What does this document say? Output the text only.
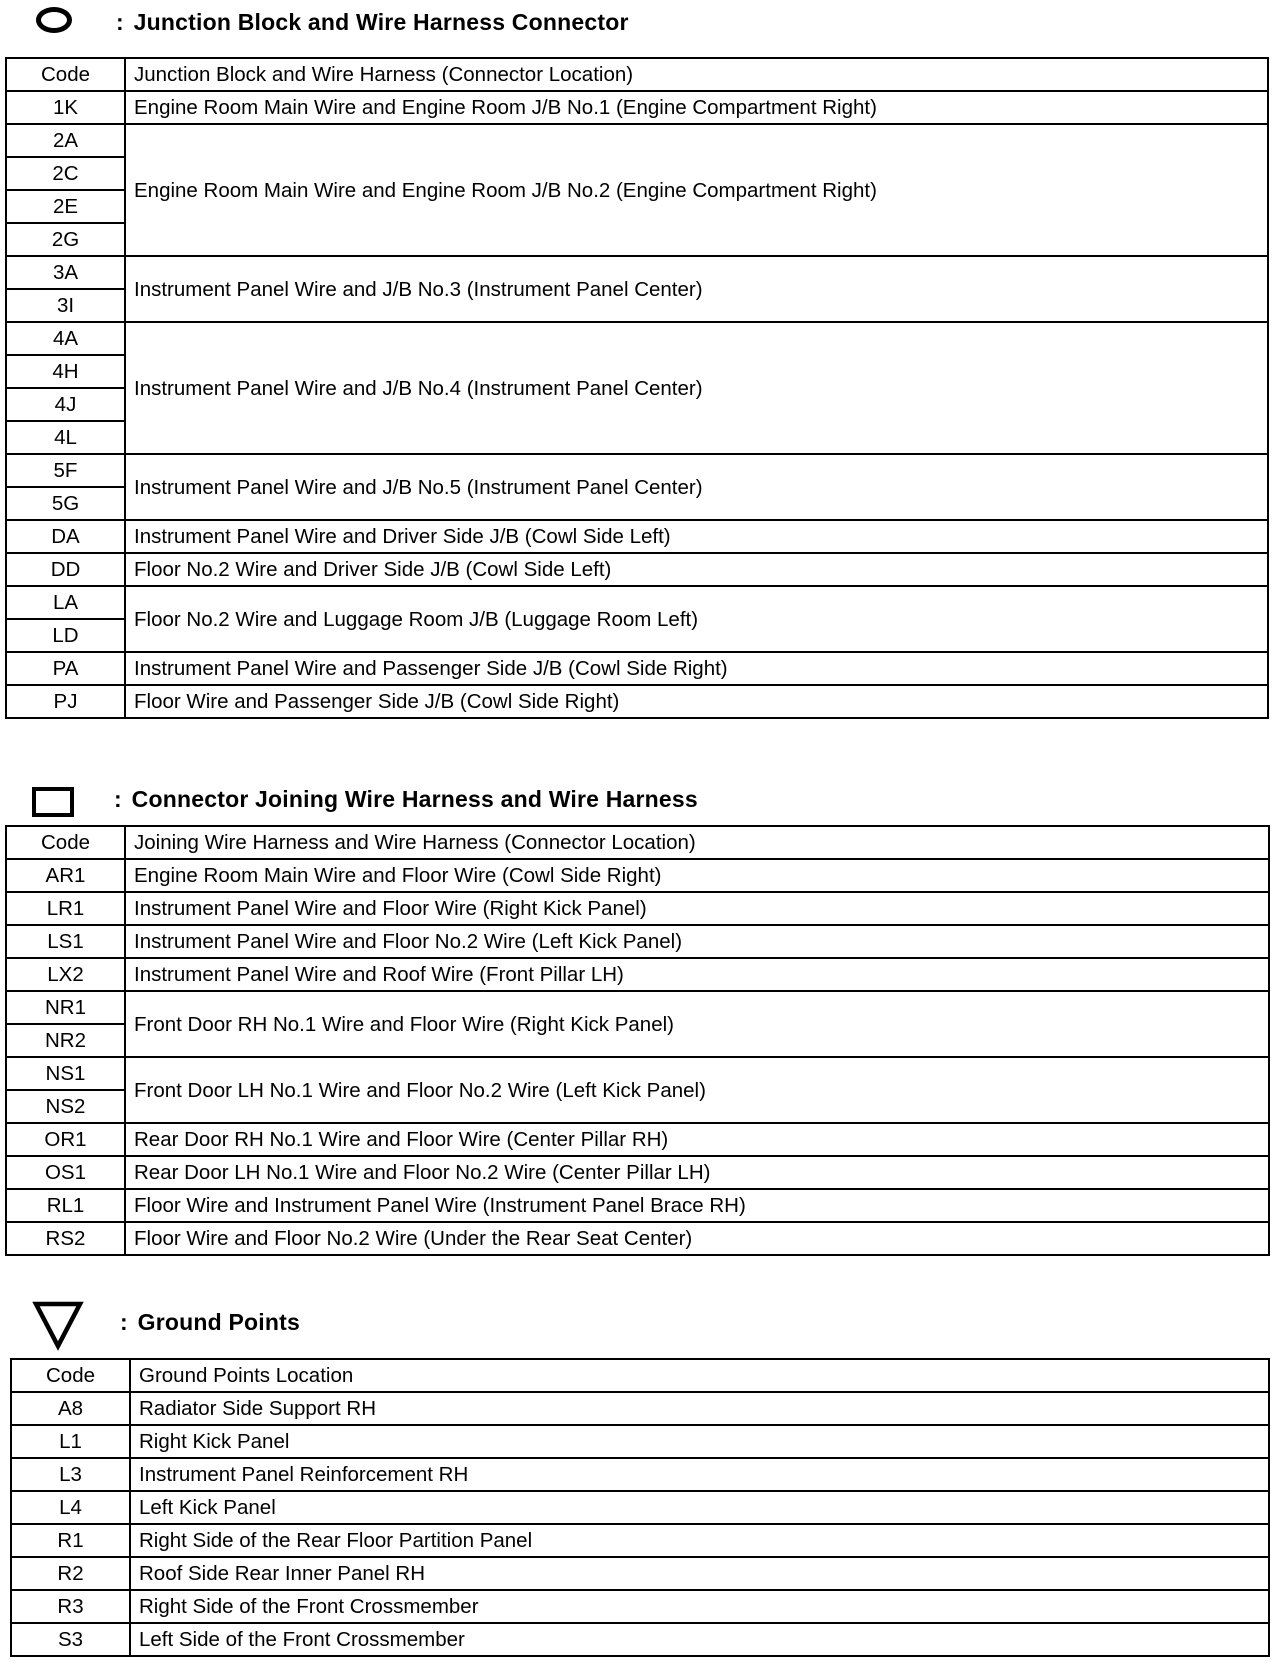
: Junction Block and Wire Harness Connector
Code	Junction Block and Wire Harness (Connector Location)
1K	Engine Room Main Wire and Engine Room J/B No.1 (Engine Compartment Right)
2A	Engine Room Main Wire and Engine Room J/B No.2 (Engine Compartment Right)
2C	
2E	
2G	
3A	Instrument Panel Wire and J/B No.3 (Instrument Panel Center)
3I	
4A	Instrument Panel Wire and J/B No.4 (Instrument Panel Center)
4H	
4J	
4L	
5F	Instrument Panel Wire and J/B No.5 (Instrument Panel Center)
5G	
DA	Instrument Panel Wire and Driver Side J/B (Cowl Side Left)
DD	Floor No.2 Wire and Driver Side J/B (Cowl Side Left)
LA	Floor No.2 Wire and Luggage Room J/B (Luggage Room Left)
LD	
PA	Instrument Panel Wire and Passenger Side J/B (Cowl Side Right)
PJ	Floor Wire and Passenger Side J/B (Cowl Side Right)
: Connector Joining Wire Harness and Wire Harness
Code	Joining Wire Harness and Wire Harness (Connector Location)
AR1	Engine Room Main Wire and Floor Wire (Cowl Side Right)
LR1	Instrument Panel Wire and Floor Wire (Right Kick Panel)
LS1	Instrument Panel Wire and Floor No.2 Wire (Left Kick Panel)
LX2	Instrument Panel Wire and Roof Wire (Front Pillar LH)
NR1	Front Door RH No.1 Wire and Floor Wire (Right Kick Panel)
NR2	
NS1	Front Door LH No.1 Wire and Floor No.2 Wire (Left Kick Panel)
NS2	
OR1	Rear Door RH No.1 Wire and Floor Wire (Center Pillar RH)
OS1	Rear Door LH No.1 Wire and Floor No.2 Wire (Center Pillar LH)
RL1	Floor Wire and Instrument Panel Wire (Instrument Panel Brace RH)
RS2	Floor Wire and Floor No.2 Wire (Under the Rear Seat Center)
: Ground Points
Code	Ground Points Location
A8	Radiator Side Support RH
L1	Right Kick Panel
L3	Instrument Panel Reinforcement RH
L4	Left Kick Panel
R1	Right Side of the Rear Floor Partition Panel
R2	Roof Side Rear Inner Panel RH
R3	Right Side of the Front Crossmember
S3	Left Side of the Front Crossmember
